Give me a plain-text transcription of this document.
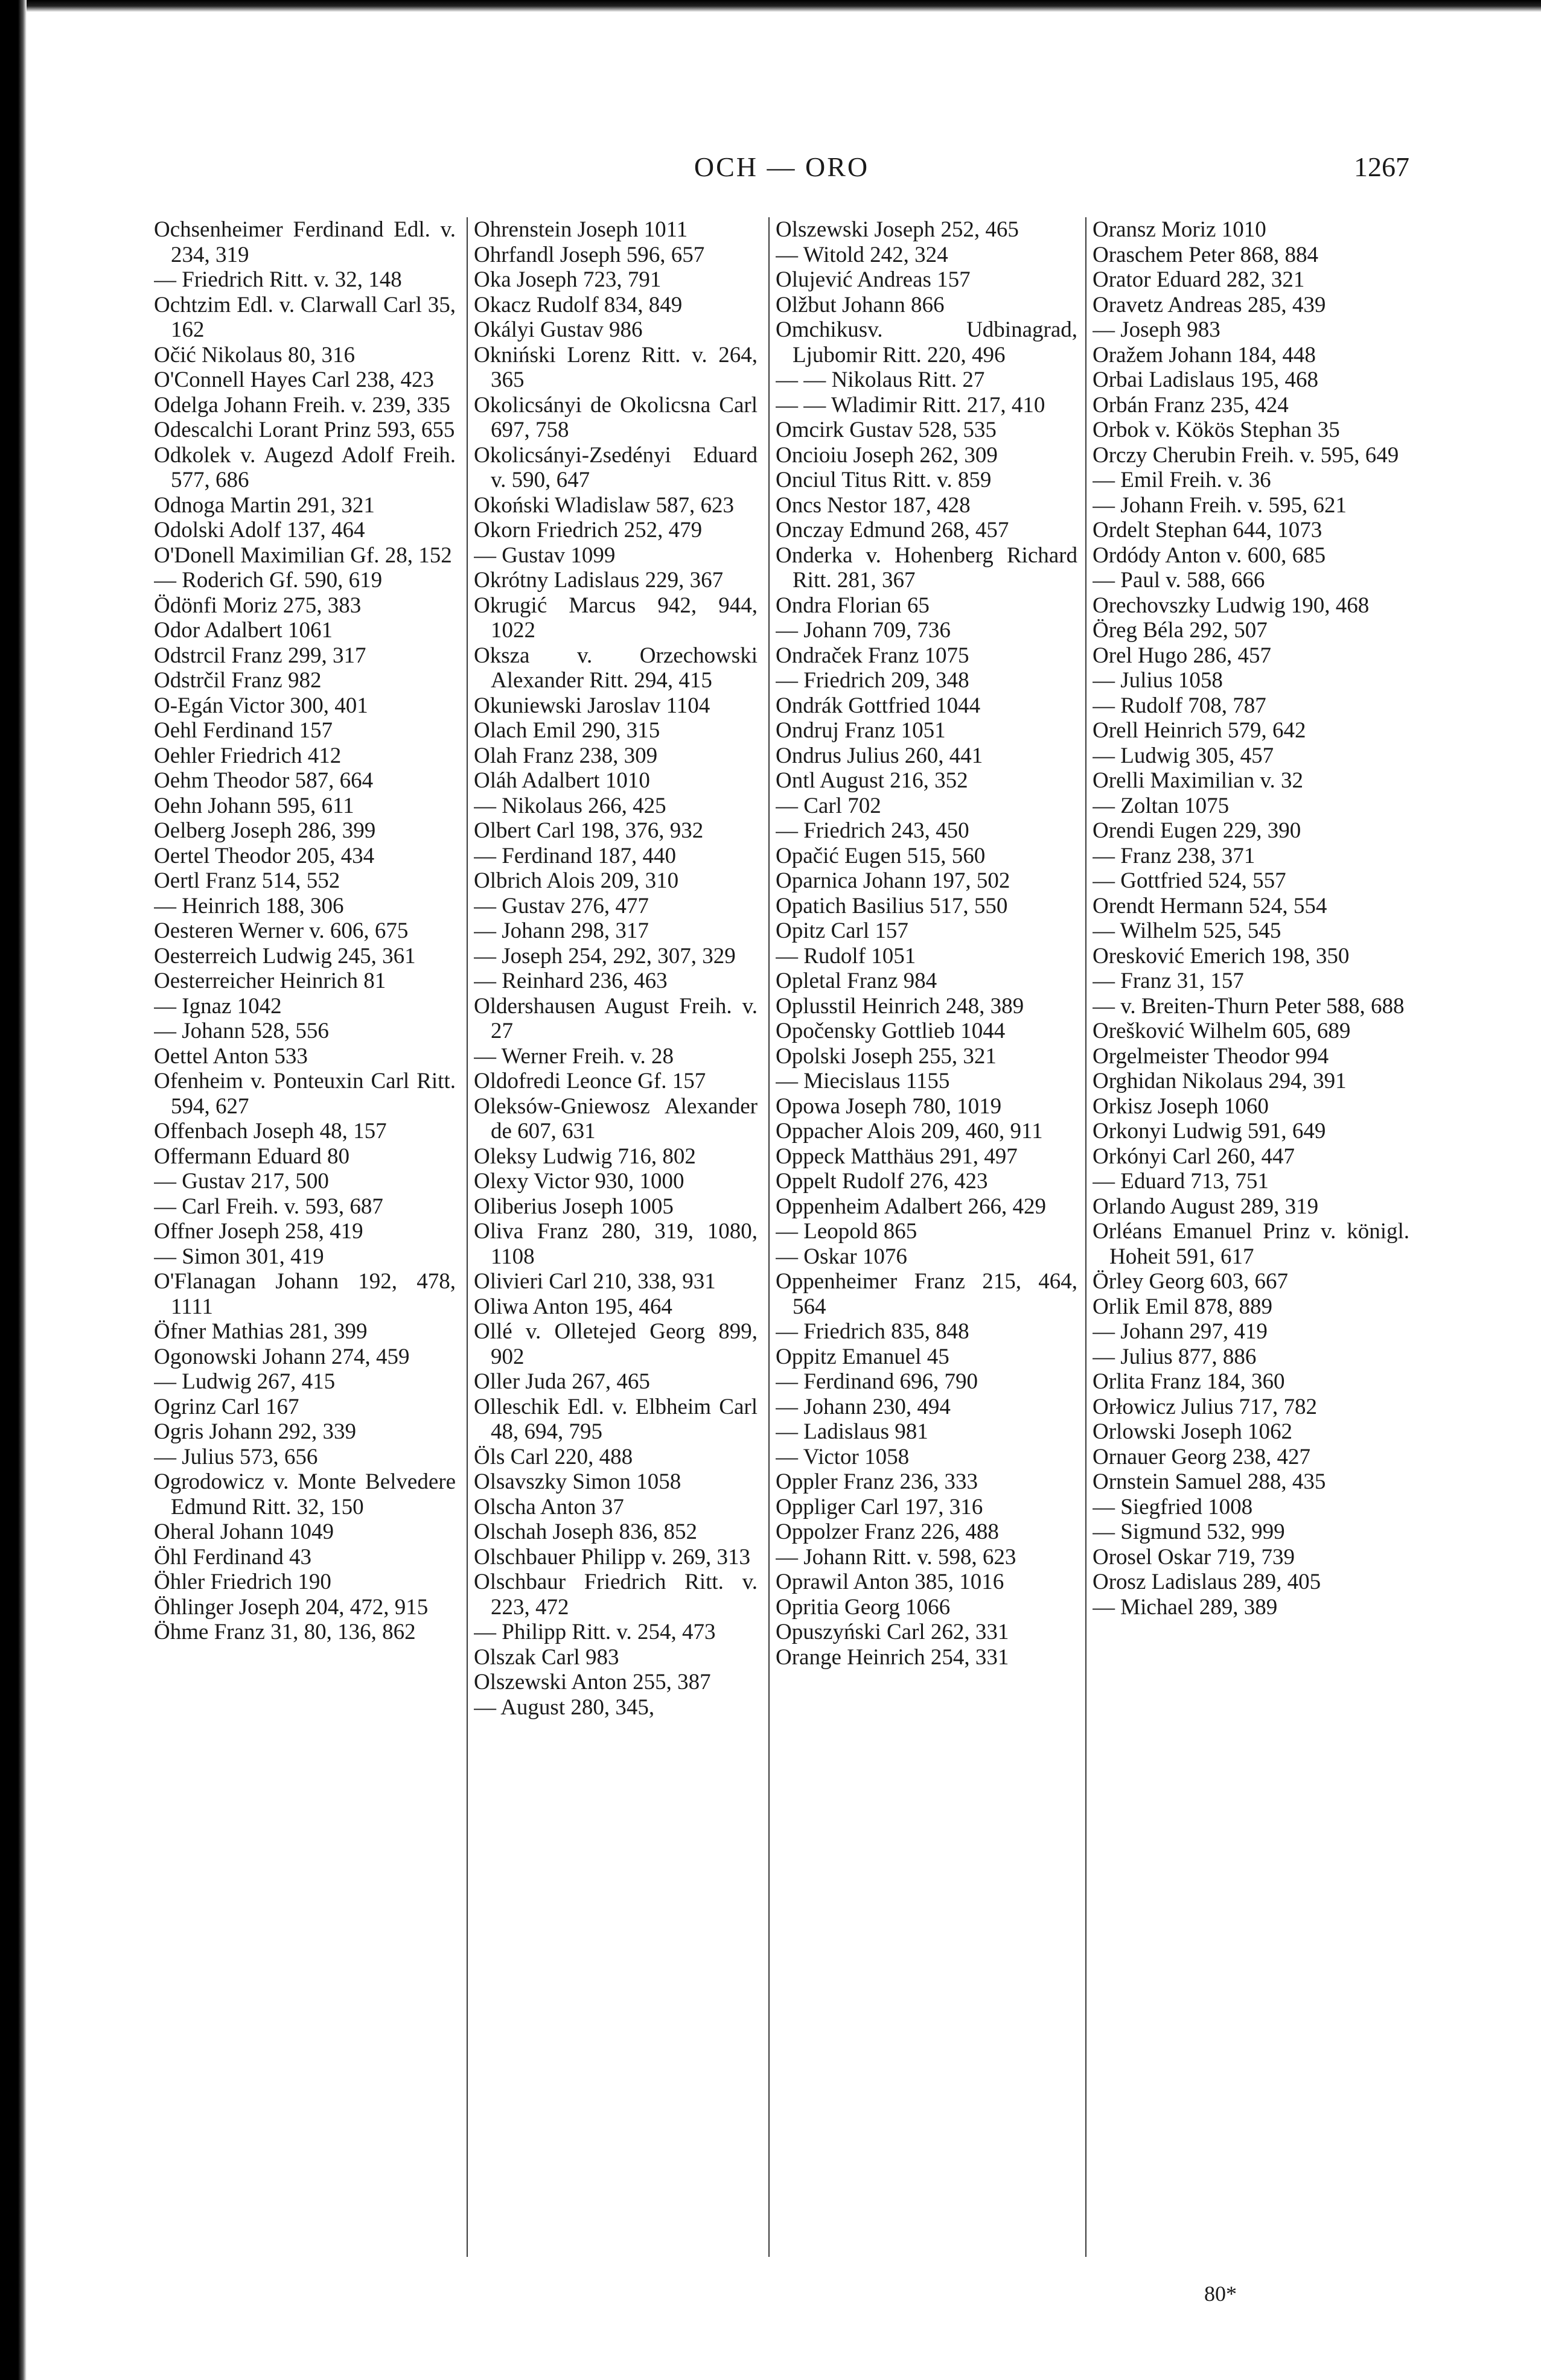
OCH — ORO	1267

Ochsenheimer Ferdinand Edl. v. 234, 319

— Friedrich Ritt. v. 32, 148

Ochtzim Edl. v. Clarwall Carl 35, 162

Očić Nikolaus 80, 316

O'Connell Hayes Carl 238, 423

Odelga Johann Freih. v. 239, 335

Odescalchi Lorant Prinz 593, 655

Odkolek v. Augezd Adolf Freih. 577, 686

Odnoga Martin 291, 321

Odolski Adolf 137, 464

O'Donell Maximilian Gf. 28, 152

— Roderich Gf. 590, 619

Ödönfi Moriz 275, 383

Odor Adalbert 1061

Odstrcil Franz 299, 317

Odstrčil Franz 982

O-Egán Victor 300, 401

Oehl Ferdinand 157

Oehler Friedrich 412

Oehm Theodor 587, 664

Oehn Johann 595, 611

Oelberg Joseph 286, 399

Oertel Theodor 205, 434

Oertl Franz 514, 552

— Heinrich 188, 306

Oesteren Werner v. 606, 675

Oesterreich Ludwig 245, 361

Oesterreicher Heinrich 81

— Ignaz 1042

— Johann 528, 556

Oettel Anton 533

Ofenheim v. Ponteuxin Carl Ritt. 594, 627

Offenbach Joseph 48, 157

Offermann Eduard 80

— Gustav 217, 500

— Carl Freih. v. 593, 687

Offner Joseph 258, 419

— Simon 301, 419

O'Flanagan Johann 192, 478, 1111

Öfner Mathias 281, 399

Ogonowski Johann 274, 459

— Ludwig 267, 415

Ogrinz Carl 167

Ogris Johann 292, 339

— Julius 573, 656

Ogrodowicz v. Monte Belvedere Edmund Ritt. 32, 150

Oheral Johann 1049

Öhl Ferdinand 43

Öhler Friedrich 190

Öhlinger Joseph 204, 472, 915

Öhme Franz 31, 80, 136, 862

Ohrenstein Joseph 1011

Ohrfandl Joseph 596, 657

Oka Joseph 723, 791

Okacz Rudolf 834, 849

Okályi Gustav 986

Okniński Lorenz Ritt. v. 264, 365

Okolicsányi de Okolicsna Carl 697, 758

Okolicsányi-Zsedényi Eduard v. 590, 647

Okoński Wladislaw 587, 623

Okorn Friedrich 252, 479

— Gustav 1099

Okrótny Ladislaus 229, 367

Okrugić Marcus 942, 944, 1022

Oksza v. Orzechowski Alexander Ritt. 294, 415

Okuniewski Jaroslav 1104

Olach Emil 290, 315

Olah Franz 238, 309

Oláh Adalbert 1010

— Nikolaus 266, 425

Olbert Carl 198, 376, 932

— Ferdinand 187, 440

Olbrich Alois 209, 310

— Gustav 276, 477

— Johann 298, 317

— Joseph 254, 292, 307, 329

— Reinhard 236, 463

Oldershausen August Freih. v. 27

— Werner Freih. v. 28

Oldofredi Leonce Gf. 157

Oleksów-Gniewosz Alexander de 607, 631

Oleksy Ludwig 716, 802

Olexy Victor 930, 1000

Oliberius Joseph 1005

Oliva Franz 280, 319, 1080, 1108

Olivieri Carl 210, 338, 931

Oliwa Anton 195, 464

Ollé v. Olletejed Georg 899, 902

Oller Juda 267, 465

Olleschik Edl. v. Elbheim Carl 48, 694, 795

Öls Carl 220, 488

Olsavszky Simon 1058

Olscha Anton 37

Olschah Joseph 836, 852

Olschbauer Philipp v. 269, 313

Olschbaur Friedrich Ritt. v. 223, 472

— Philipp Ritt. v. 254, 473

Olszak Carl 983

Olszewski Anton 255, 387

— August 280, 345,

Olszewski Joseph 252, 465

— Witold 242, 324

Olujević Andreas 157

Olžbut Johann 866

Omchikusv. Udbinagrad, Ljubomir Ritt. 220, 496

— — Nikolaus Ritt. 27

— — Wladimir Ritt. 217, 410

Omcirk Gustav 528, 535

Oncioiu Joseph 262, 309

Onciul Titus Ritt. v. 859

Oncs Nestor 187, 428

Onczay Edmund 268, 457

Onderka v. Hohenberg Richard Ritt. 281, 367

Ondra Florian 65

— Johann 709, 736

Ondraček Franz 1075

— Friedrich 209, 348

Ondrák Gottfried 1044

Ondruj Franz 1051

Ondrus Julius 260, 441

Ontl August 216, 352

— Carl 702

— Friedrich 243, 450

Opačić Eugen 515, 560

Oparnica Johann 197, 502

Opatich Basilius 517, 550

Opitz Carl 157

— Rudolf 1051

Opletal Franz 984

Oplusstil Heinrich 248, 389

Opočensky Gottlieb 1044

Opolski Joseph 255, 321

— Miecislaus 1155

Opowa Joseph 780, 1019

Oppacher Alois 209, 460, 911

Oppeck Matthäus 291, 497

Oppelt Rudolf 276, 423

Oppenheim Adalbert 266, 429

— Leopold 865

— Oskar 1076

Oppenheimer Franz 215, 464, 564

— Friedrich 835, 848

Oppitz Emanuel 45

— Ferdinand 696, 790

— Johann 230, 494

— Ladislaus 981

— Victor 1058

Oppler Franz 236, 333

Oppliger Carl 197, 316

Oppolzer Franz 226, 488

— Johann Ritt. v. 598, 623

Oprawil Anton 385, 1016

Opritia Georg 1066

Opuszyński Carl 262, 331

Orange Heinrich 254, 331

Oransz Moriz 1010

Oraschem Peter 868, 884

Orator Eduard 282, 321

Oravetz Andreas 285, 439

— Joseph 983

Oražem Johann 184, 448

Orbai Ladislaus 195, 468

Orbán Franz 235, 424

Orbok v. Kökös Stephan 35

Orczy Cherubin Freih. v. 595, 649

— Emil Freih. v. 36

— Johann Freih. v. 595, 621

Ordelt Stephan 644, 1073

Ordódy Anton v. 600, 685

— Paul v. 588, 666

Orechovszky Ludwig 190, 468

Öreg Béla 292, 507

Orel Hugo 286, 457

— Julius 1058

— Rudolf 708, 787

Orell Heinrich 579, 642

— Ludwig 305, 457

Orelli Maximilian v. 32

— Zoltan 1075

Orendi Eugen 229, 390

— Franz 238, 371

— Gottfried 524, 557

Orendt Hermann 524, 554

— Wilhelm 525, 545

Oresković Emerich 198, 350

— Franz 31, 157

— v. Breiten-Thurn Peter 588, 688

Orešković Wilhelm 605, 689

Orgelmeister Theodor 994

Orghidan Nikolaus 294, 391

Orkisz Joseph 1060

Orkonyi Ludwig 591, 649

Orkónyi Carl 260, 447

— Eduard 713, 751

Orlando August 289, 319

Orléans Emanuel Prinz v. königl. Hoheit 591, 617

Örley Georg 603, 667

Orlik Emil 878, 889

— Johann 297, 419

— Julius 877, 886

Orlita Franz 184, 360

Orłowicz Julius 717, 782

Orlowski Joseph 1062

Ornauer Georg 238, 427

Ornstein Samuel 288, 435

— Siegfried 1008

— Sigmund 532, 999

Orosel Oskar 719, 739

Orosz Ladislaus 289, 405

— Michael 289, 389

80*
